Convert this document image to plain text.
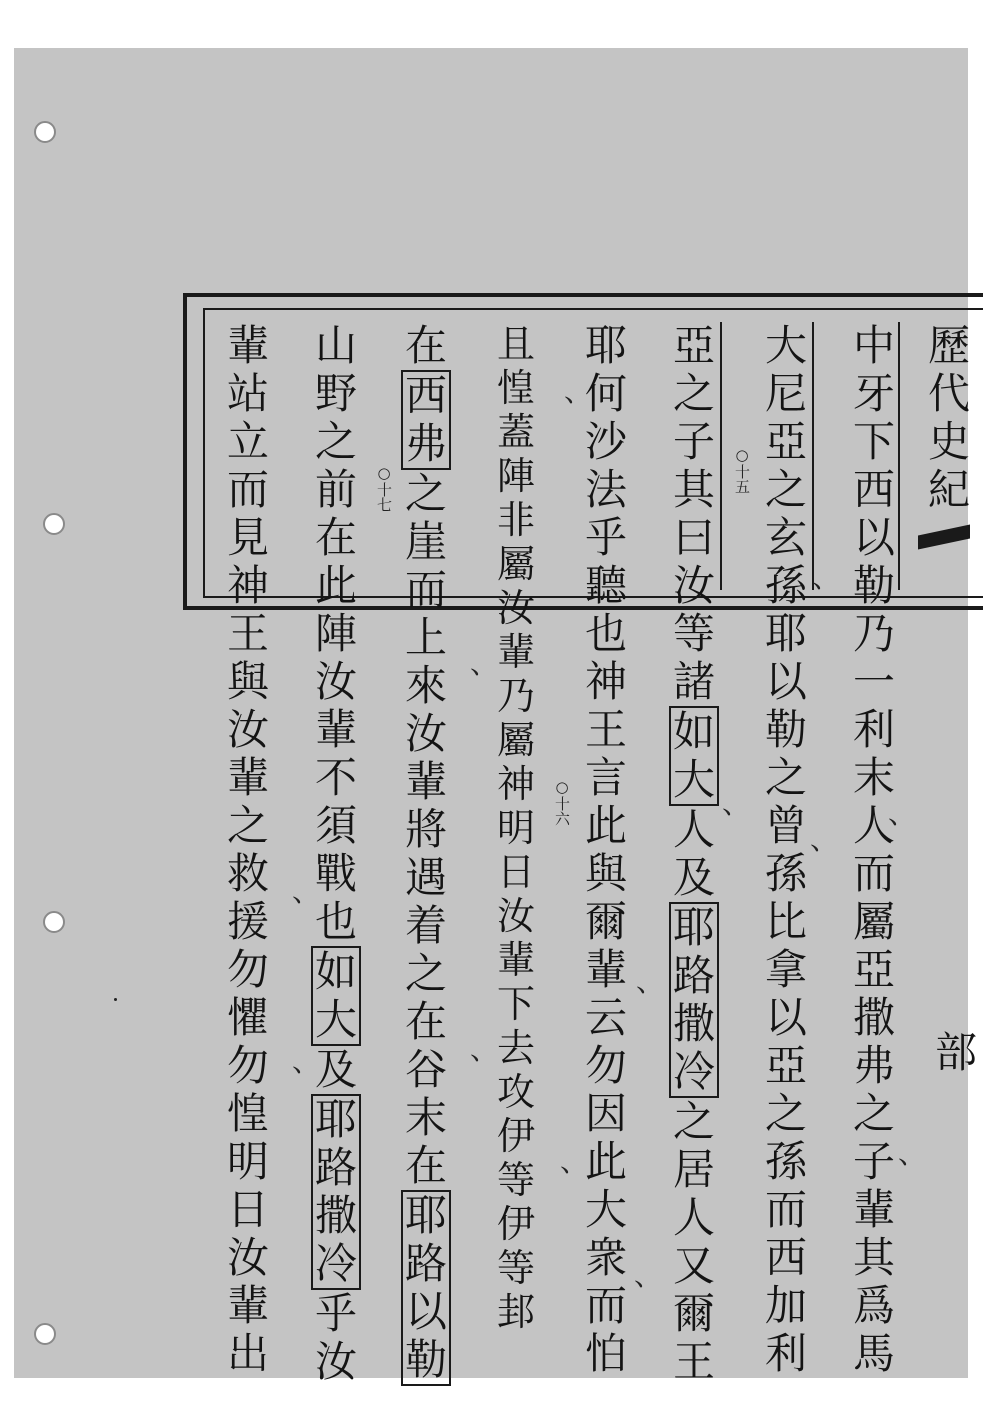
歷
代
史
紀
部
中
牙
下
西
以
勒
乃
一
利
末
人
而
屬
亞
撒
弗
之
子
輩
其
爲
馬
大
尼
亞
之
玄
孫
耶
以
勒
之
曾
孫
比
拿
以
亞
之
孫
而
西
加
利
亞
之
子
其
曰
汝
等
諸
如
大
人
及
耶
路
撒
冷
之
居
人
又
爾
王
耶
何
沙
法
乎
聽
也
神
王
言
此
與
爾
輩
云
勿
因
此
大
衆
而
怕
且
惶
蓋
陣
非
屬
汝
輩
乃
屬
神
明
日
汝
輩
下
去
攻
伊
等
伊
等
邽
在
西
弗
之
崖
而
上
來
汝
輩
將
遇
着
之
在
谷
末
在
耶
路
以
勒
山
野
之
前
在
此
陣
汝
輩
不
須
戰
也
如
大
及
耶
路
撒
冷
乎
汝
輩
站
立
而
見
神
王
與
汝
輩
之
救
援
勿
懼
勿
惶
明
日
汝
輩
出
○十五
○十六
○十七
、
、
、
、
、
、
、
、
、
、
、
、
、
